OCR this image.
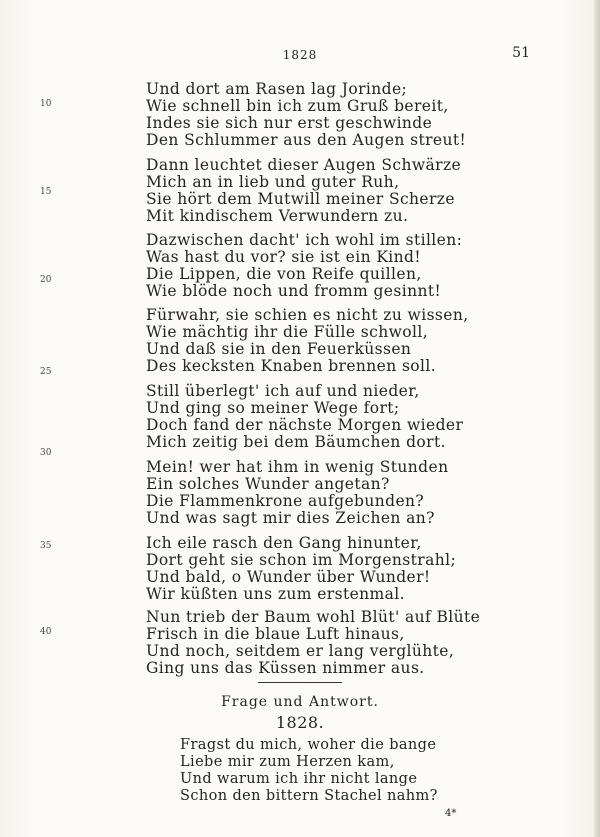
1828	51
10
15
20
25
30
35
40
Und dort am Rasen lag Jorinde;
Wie schnell bin ich zum Gruß bereit,
Indes sie sich nur erst geschwinde
Den Schlummer aus den Augen streut!
Dann leuchtet dieser Augen Schwärze
Mich an in lieb und guter Ruh,
Sie hört dem Mutwill meiner Scherze
Mit kindischem Verwundern zu.
Dazwischen dacht' ich wohl im stillen:
Was hast du vor? sie ist ein Kind!
Die Lippen, die von Reife quillen,
Wie blöde noch und fromm gesinnt!
Fürwahr, sie schien es nicht zu wissen,
Wie mächtig ihr die Fülle schwoll,
Und daß sie in den Feuerküssen
Des kecksten Knaben brennen soll.
Still überlegt' ich auf und nieder,
Und ging so meiner Wege fort;
Doch fand der nächste Morgen wieder
Mich zeitig bei dem Bäumchen dort.
Mein! wer hat ihm in wenig Stunden
Ein solches Wunder angetan?
Die Flammenkrone aufgebunden?
Und was sagt mir dies Zeichen an?
Ich eile rasch den Gang hinunter,
Dort geht sie schon im Morgenstrahl;
Und bald, o Wunder über Wunder!
Wir küßten uns zum erstenmal.
Nun trieb der Baum wohl Blüt' auf Blüte
Frisch in die blaue Luft hinaus,
Und noch, seitdem er lang verglühte,
Ging uns das Küssen nimmer aus.
Frage und Antwort.
1828.
Fragst du mich, woher die bange
Liebe mir zum Herzen kam,
Und warum ich ihr nicht lange
Schon den bittern Stachel nahm?
4*
